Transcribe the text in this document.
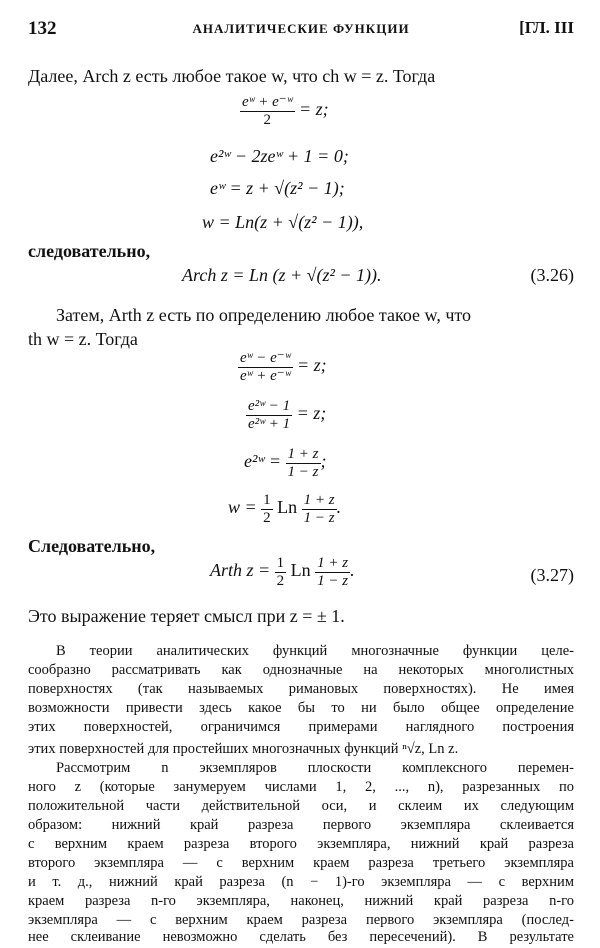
132	АНАЛИТИЧЕСКИЕ ФУНКЦИИ	[ГЛ. III
Далее, Arch z есть любое такое w, что ch w = z. Тогда
$\frac{\text{eʷ + e⁻ʷ}}{2} = z$;
e²ʷ − 2zeʷ + 1 = 0;
eʷ = z + √(z² − 1);
w = Ln(z + √(z² − 1)),
следовательно,
Arch z = Ln (z + √(z² − 1)).	(3.26)
Затем, Arth z есть по определению любое такое w, что
th w = z. Тогда
$\frac{\text{eʷ − e⁻ʷ}}{\text{eʷ + e⁻ʷ}} = z$;
$\frac{\text{e²ʷ − 1}}{\text{e²ʷ + 1}} = z$;
e²ʷ = $\frac{1 + z}{1 - z}$ ;
$w = \frac{1}{2}$ Ln $\frac{1 + z}{1 - z}$ .
Следовательно,
Arth $z = \frac{1}{2}$ Ln $\frac{1 + z}{1 - z}$ .	(3.27)
Это выражение теряет смысл при z = ± 1.
В теории аналитических функций многозначные функции целе-
сообразно рассматривать как однозначные на некоторых многолистных
поверхностях (так называемых римановых поверхностях). Не имея
возможности привести здесь какое бы то ни было общее определение
этих поверхностей, ограничимся примерами наглядного построения
этих поверхностей для простейших многозначных функций ⁿ√z, Ln z.
Рассмотрим n экземпляров плоскости комплексного перемен-
ного z (которые занумеруем числами 1, 2, ..., n), разрезанных по
положительной части действительной оси, и склеим их следующим
образом: нижний край разреза первого экземпляра склеивается
с верхним краем разреза второго экземпляра, нижний край разреза
второго экземпляра — с верхним краем разреза третьего экземпляра
и т. д., нижний край разреза (n − 1)-го экземпляра — с верхним
краем разреза n-го экземпляра, наконец, нижний край разреза n-го
экземпляра — с верхним краем разреза первого экземпляра (послед-
нее склеивание невозможно сделать без пересечений). В результате
